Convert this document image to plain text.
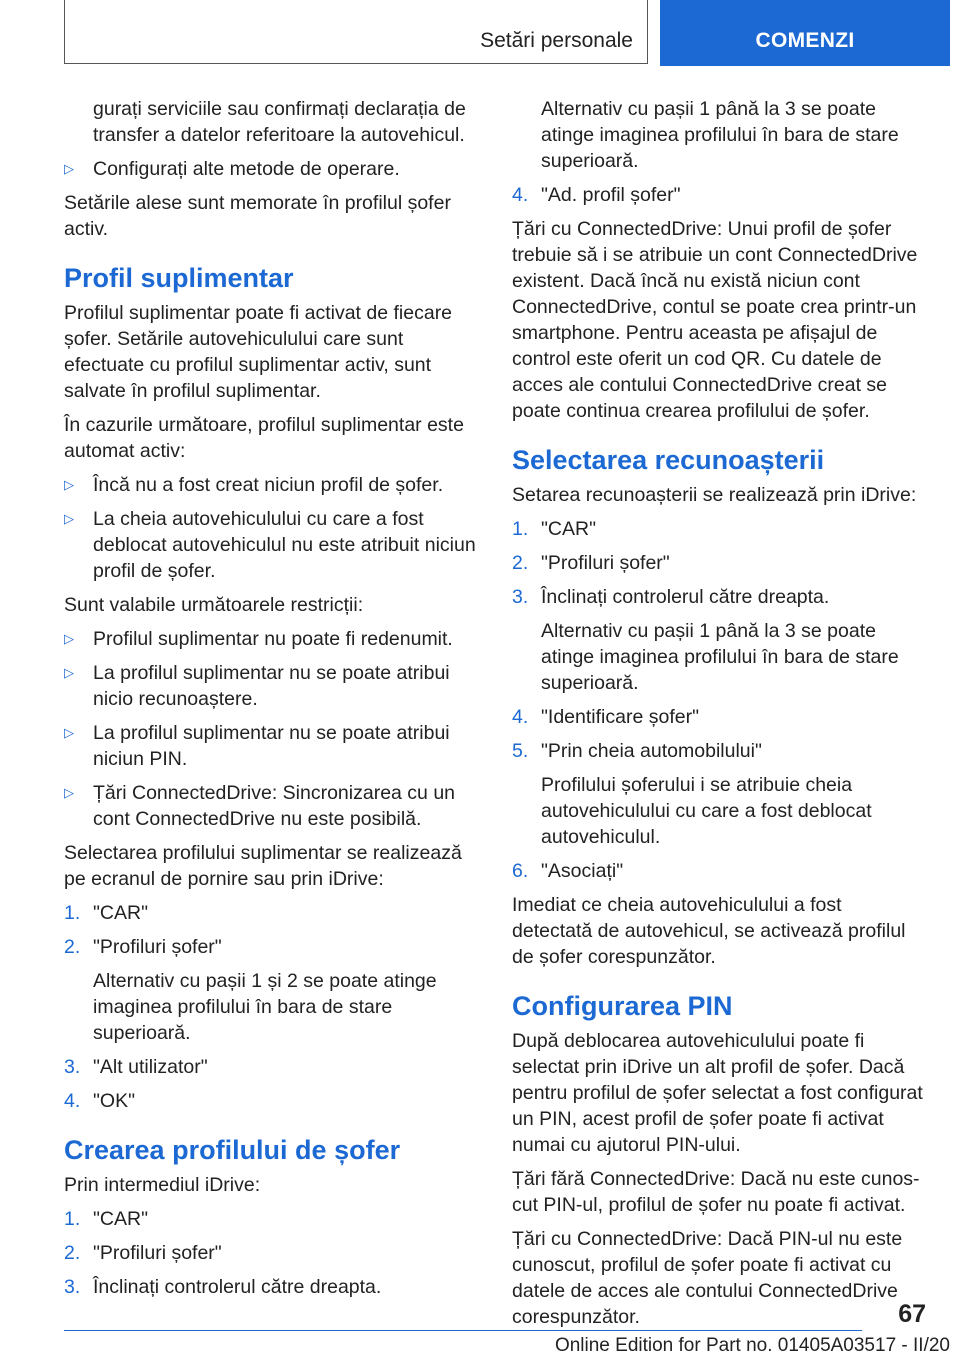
Setări personale	COMENZI

gurați serviciile sau confirmați declarația de transfer a datelor referitoare la autovehicul.

▷ Configurați alte metode de operare.

Setările alese sunt memorate în profilul șofer activ.

Profil suplimentar

Profilul suplimentar poate fi activat de fiecare șofer. Setările autovehiculului care sunt efectuate cu profilul suplimentar activ, sunt salvate în profilul suplimentar.

În cazurile următoare, profilul suplimentar este automat activ:

▷ Încă nu a fost creat niciun profil de șofer.
▷ La cheia autovehiculului cu care a fost deblocat autovehiculul nu este atribuit niciun profil de șofer.

Sunt valabile următoarele restricții:

▷ Profilul suplimentar nu poate fi redenumit.
▷ La profilul suplimentar nu se poate atribui nicio recunoaștere.
▷ La profilul suplimentar nu se poate atribui niciun PIN.
▷ Țări ConnectedDrive: Sincronizarea cu un cont ConnectedDrive nu este posibilă.

Selectarea profilului suplimentar se realizează pe ecranul de pornire sau prin iDrive:

1. "CAR"
2. "Profiluri șofer"
Alternativ cu pașii 1 și 2 se poate atinge imaginea profilului în bara de stare superioară.
3. "Alt utilizator"
4. "OK"
Crearea profilului de șofer

Prin intermediul iDrive:

1. "CAR"
2. "Profiluri șofer"
3. Înclinați controlerul către dreapta.

Alternativ cu pașii 1 până la 3 se poate atinge imaginea profilului în bara de stare superioară.

4. "Ad. profil șofer"

Țări cu ConnectedDrive: Unui profil de șofer trebuie să i se atribuie un cont ConnectedDrive existent. Dacă încă nu există niciun cont ConnectedDrive, contul se poate crea printr-un smartphone. Pentru aceasta pe afișajul de control este oferit un cod QR. Cu datele de acces ale contului ConnectedDrive creat se poate continua crearea profilului de șofer.

Selectarea recunoașterii

Setarea recunoașterii se realizează prin iDrive:

1. "CAR"
2. "Profiluri șofer"
3. Înclinați controlerul către dreapta.
Alternativ cu pașii 1 până la 3 se poate atinge imaginea profilului în bara de stare superioară.
4. "Identificare șofer"
5. "Prin cheia automobilului"
Profilului șoferului i se atribuie cheia autovehiculului cu care a fost deblocat autovehiculul.
6. "Asociați"

Imediat ce cheia autovehiculului a fost detectată de autovehicul, se activează profilul de șofer corespunzător.

Configurarea PIN

După deblocarea autovehiculului poate fi selectat prin iDrive un alt profil de șofer. Dacă pentru profilul de șofer selectat a fost configurat un PIN, acest profil de șofer poate fi activat numai cu ajutorul PIN-ului.

Țări fără ConnectedDrive: Dacă nu este cunoscut PIN-ul, profilul de șofer nu poate fi activat.

Țări cu ConnectedDrive: Dacă PIN-ul nu este cunoscut, profilul de șofer poate fi activat cu datele de acces ale contului ConnectedDrive corespunzător.	67
Online Edition for Part no. 01405A03517 - II/20
